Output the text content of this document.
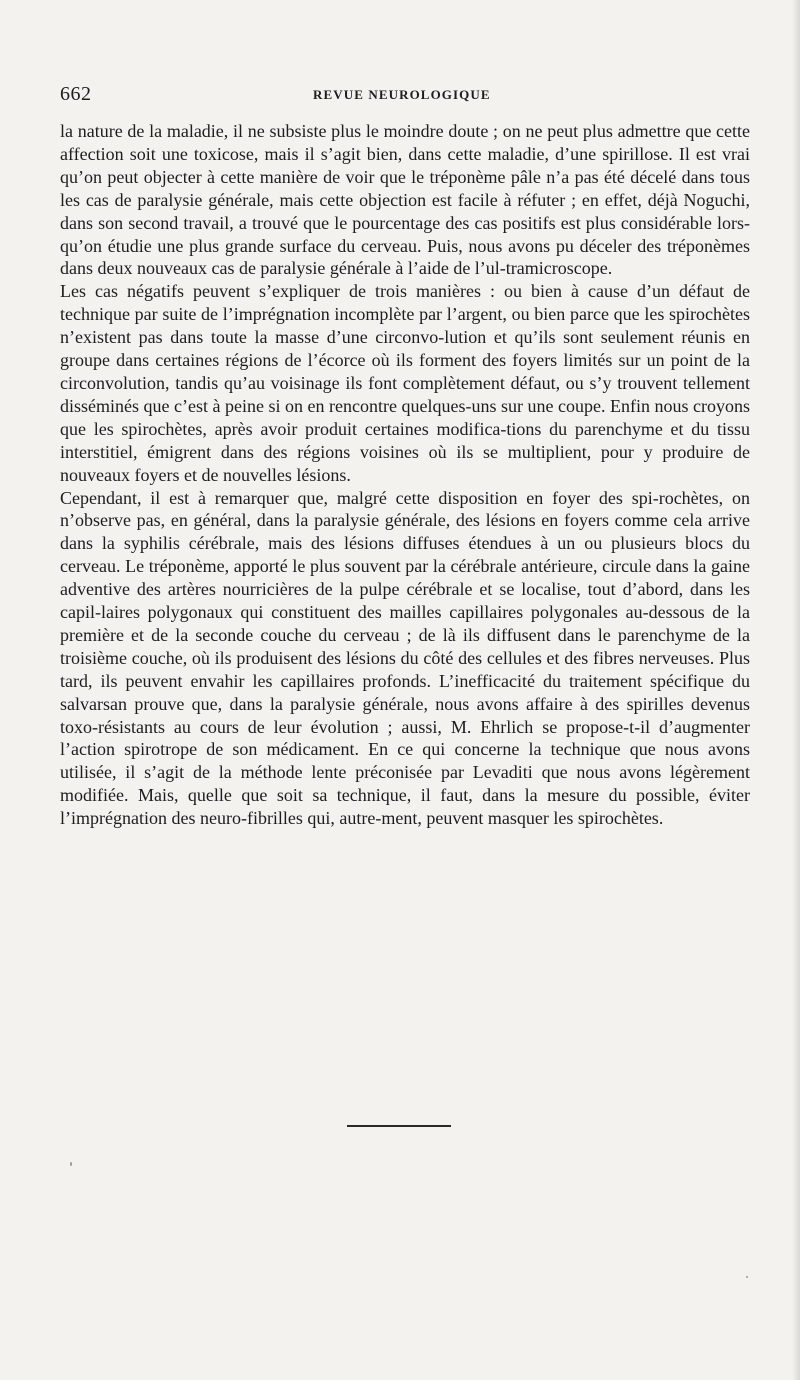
662	REVUE NEUROLOGIQUE

la nature de la maladie, il ne subsiste plus le moindre doute ; on ne peut plus admettre que cette affection soit une toxicose, mais il s’agit bien, dans cette maladie, d’une spirillose. Il est vrai qu’on peut objecter à cette manière de voir que le tréponème pâle n’a pas été décelé dans tous les cas de paralysie générale, mais cette objection est facile à réfuter ; en effet, déjà Noguchi, dans son second travail, a trouvé que le pourcentage des cas positifs est plus considérable lors-qu’on étudie une plus grande surface du cerveau. Puis, nous avons pu déceler des tréponèmes dans deux nouveaux cas de paralysie générale à l’aide de l’ul-tramicroscope.

Les cas négatifs peuvent s’expliquer de trois manières : ou bien à cause d’un défaut de technique par suite de l’imprégnation incomplète par l’argent, ou bien parce que les spirochètes n’existent pas dans toute la masse d’une circonvo-lution et qu’ils sont seulement réunis en groupe dans certaines régions de l’écorce où ils forment des foyers limités sur un point de la circonvolution, tandis qu’au voisinage ils font complètement défaut, ou s’y trouvent tellement disséminés que c’est à peine si on en rencontre quelques-uns sur une coupe. Enfin nous croyons que les spirochètes, après avoir produit certaines modifica-tions du parenchyme et du tissu interstitiel, émigrent dans des régions voisines où ils se multiplient, pour y produire de nouveaux foyers et de nouvelles lésions.

Cependant, il est à remarquer que, malgré cette disposition en foyer des spi-rochètes, on n’observe pas, en général, dans la paralysie générale, des lésions en foyers comme cela arrive dans la syphilis cérébrale, mais des lésions diffuses étendues à un ou plusieurs blocs du cerveau. Le tréponème, apporté le plus souvent par la cérébrale antérieure, circule dans la gaine adventive des artères nourricières de la pulpe cérébrale et se localise, tout d’abord, dans les capil-laires polygonaux qui constituent des mailles capillaires polygonales au-dessous de la première et de la seconde couche du cerveau ; de là ils diffusent dans le parenchyme de la troisième couche, où ils produisent des lésions du côté des cellules et des fibres nerveuses. Plus tard, ils peuvent envahir les capillaires profonds. L’inefficacité du traitement spécifique du salvarsan prouve que, dans la paralysie générale, nous avons affaire à des spirilles devenus toxo-résistants au cours de leur évolution ; aussi, M. Ehrlich se propose-t-il d’augmenter l’action spirotrope de son médicament. En ce qui concerne la technique que nous avons utilisée, il s’agit de la méthode lente préconisée par Levaditi que nous avons légèrement modifiée. Mais, quelle que soit sa technique, il faut, dans la mesure du possible, éviter l’imprégnation des neuro-fibrilles qui, autre-ment, peuvent masquer les spirochètes.
